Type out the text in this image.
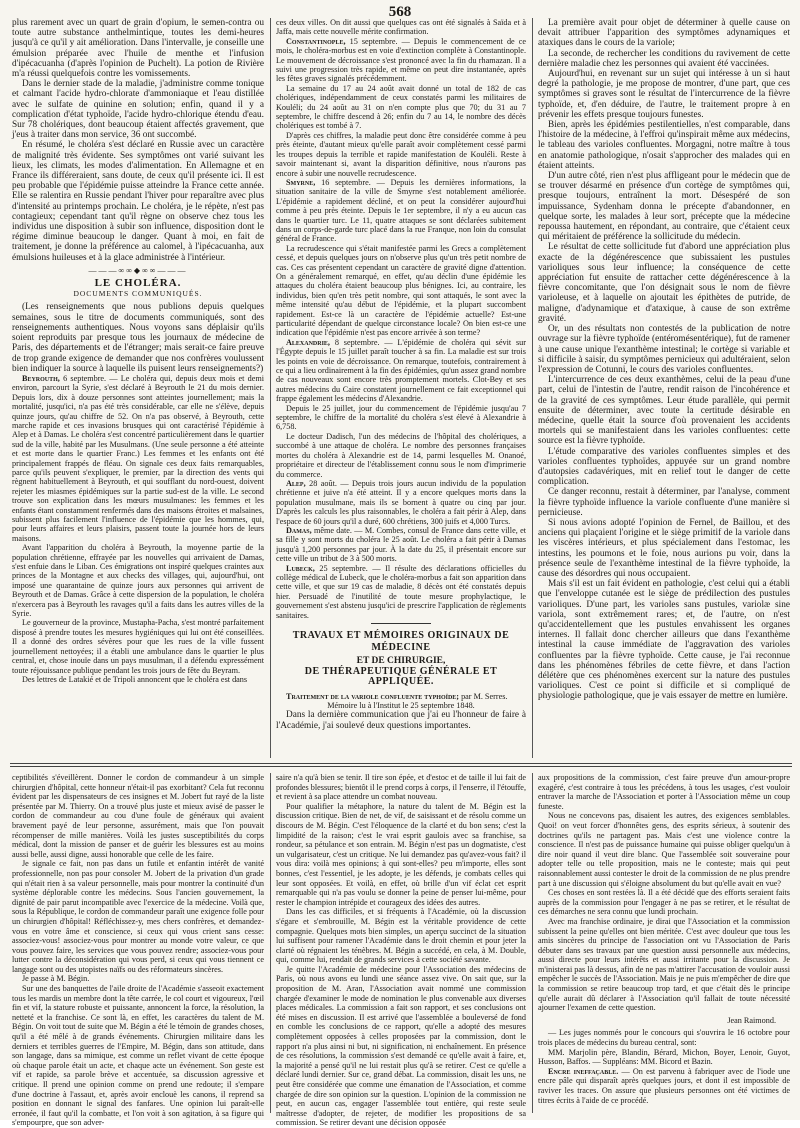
568

plus rarement avec un quart de grain d'opium, le semen-contra ou toute autre substance anthelmintique, toutes les demi-heures jusqu'à ce qu'il y ait amélioration. Dans l'intervalle, je conseille une émulsion préparée avec l'huile de menthe et l'infusion d'ipécacuanha (d'après l'opinion de Puchelt). La potion de Rivière m'a réussi quelquefois contre les vomissements.

Dans le dernier stade de la maladie, j'administre comme tonique et calmant l'acide hydro-chlorate d'ammoniaque et l'eau distillée avec le sulfate de quinine en solution; enfin, quand il y a complication d'état typhoïde, l'acide hydro-chlorique étendu d'eau. Sur 78 cholériques, dont beaucoup étaient affectés gravement, que j'eus à traiter dans mon service, 36 ont succombé.

En résumé, le choléra s'est déclaré en Russie avec un caractère de malignité très évidente. Ses symptômes ont varié suivant les lieux, les climats, les modes d'alimentation. En Allemagne et en France ils différeraient, sans doute, de ceux qu'il présente ici. Il est peu probable que l'épidémie puisse atteindre la France cette année. Elle se ralentira en Russie pendant l'hiver pour reparaître avec plus d'intensité au printemps prochain. Le choléra, je le répète, n'est pas contagieux; cependant tant qu'il règne on observe chez tous les individus une disposition à subir son influence, disposition dont le régime diminue beaucoup le danger. Quant à moi, en fait de traitement, je donne la préférence au calomel, à l'ipécacuanha, aux émulsions huileuses et à la glace administrée à l'intérieur.

———∞∞◆∞∞———
LE CHOLÉRA.
DOCUMENTS COMMUNIQUÉS.

(Les renseignements que nous publions depuis quelques semaines, sous le titre de documents communiqués, sont des renseignements authentiques. Nous voyons sans déplaisir qu'ils soient reproduits par presque tous les journaux de médecine de Paris, des départements et de l'étranger; mais serait-ce faire preuve de trop grande exigence de demander que nos confrères voulussent bien indiquer la source à laquelle ils puisent leurs renseignements?)

Beyrouth, 6 septembre. — Le choléra qui, depuis deux mois et demi environ, parcourt la Syrie, s'est déclaré à Beyrouth le 21 du mois dernier. Depuis lors, dix à douze personnes sont atteintes journellement; mais la mortalité, jusqu'ici, n'a pas été très considérable, car elle ne s'élève, depuis quinze jours, qu'au chiffre de 52. On n'a pas observé, à Beyrouth, cette marche rapide et ces invasions brusques qui ont caractérisé l'épidémie à Alep et à Damas. Le choléra s'est concentré particulièrement dans le quartier sud de la ville, habité par les Musulmans. (Une seule personne a été atteinte et est morte dans le quartier Franc.) Les femmes et les enfants ont été principalement frappés de fléau. On signale ces deux faits remarquables, parce qu'ils peuvent s'expliquer, le premier, par la direction des vents qui règnent habituellement à Beyrouth, et qui soufflant du nord-ouest, doivent rejeter les miasmes épidémiques sur la partie sud-est de la ville. Le second trouve son explication dans les mœurs musulmanes: les femmes et les enfants étant constamment renfermés dans des maisons étroites et malsaines, subissent plus facilement l'influence de l'épidémie que les hommes, qui, pour leurs affaires et leurs plaisirs, passent toute la journée hors de leurs maisons.

Avant l'apparition du choléra à Beyrouth, la moyenne partie de la population chrétienne, effrayée par les nouvelles qui arrivaient de Damas, s'est enfuie dans le Liban. Ces émigrations ont inspiré quelques craintes aux princes de la Montagne et aux checks des villages, qui, aujourd'hui, ont imposé une quarantaine de quinze jours aux personnes qui arrivent de Beyrouth et de Damas. Grâce à cette dispersion de la population, le choléra n'exercera pas à Beyrouth les ravages qu'il a faits dans les autres villes de la Syrie.

Le gouverneur de la province, Mustapha-Pacha, s'est montré parfaitement disposé à prendre toutes les mesures hygiéniques qui lui ont été conseillées. Il a donné des ordres sévères pour que les rues de la ville fussent journellement nettoyées; il a établi une ambulance dans le quartier le plus central, et, chose inouïe dans un pays musulman, il a défendu expressément toute réjouissance publique pendant les trois jours de fête du Beyram.

Des lettres de Latakié et de Tripoli annoncent que le choléra est dans

ces deux villes. On dit aussi que quelques cas ont été signalés à Saïda et à Jaffa, mais cette nouvelle mérite confirmation.

Constantinople, 15 septembre. — Depuis le commencement de ce mois, le choléra-morbus est en voie d'extinction complète à Constantinople. Le mouvement de décroissance s'est prononcé avec la fin du rhamazan. Il a suivi une progression très rapide, et même on peut dire instantanée, après les fêtes graves signalés précédemment.

La semaine du 17 au 24 août avait donné un total de 182 de cas cholériques, indépendamment de ceux constatés parmi les militaires de Kouléli; du 24 août au 31 on n'en compte plus que 70; du 31 au 7 septembre, le chiffre descend à 26; enfin du 7 au 14, le nombre des décès cholériques est tombé à 7.

D'après ces chiffres, la maladie peut donc être considérée comme à peu près éteinte, d'autant mieux qu'elle paraît avoir complètement cessé parmi les troupes depuis la terrible et rapide manifestation de Kouléli. Reste à savoir maintenant si, avant la disparition définitive, nous n'aurons pas encore à subir une nouvelle recrudescence.

Smyrne, 16 septembre. — Depuis les dernières informations, la situation sanitaire de la ville de Smyrne s'est notablement améliorée. L'épidémie a rapidement décliné, et on peut la considérer aujourd'hui comme à peu près éteinte. Depuis le 1er septembre, il n'y a eu aucun cas dans le quartier turc. Le 11, quatre attaques se sont déclarées subitement dans un corps-de-garde turc placé dans la rue Franque, non loin du consulat général de France.

La recrudescence qui s'était manifestée parmi les Grecs a complètement cessé, et depuis quelques jours on n'observe plus qu'un très petit nombre de cas. Ces cas présentent cependant un caractère de gravité digne d'attention. On a généralement remarqué, en effet, qu'au déclin d'une épidémie les attaques du choléra étaient beaucoup plus bénignes. Ici, au contraire, les individus, bien qu'en très petit nombre, qui sont attaqués, le sont avec la même intensité qu'au début de l'épidémie, et la plupart succombent rapidement. Est-ce là un caractère de l'épidémie actuelle? Est-une particularité dépendant de quelque circonstance locale? On bien est-ce une indication que l'épidémie n'est pas encore arrivée à son terme?

Alexandrie, 8 septembre. — L'épidémie de choléra qui sévit sur l'Égypte depuis le 15 juillet paraît toucher à sa fin. La maladie est sur trois les points en voie de décroissance. On remarque, toutefois, contrairement à ce qui a lieu ordinairement à la fin des épidémies, qu'un assez grand nombre de cas nouveaux sont encore très promptement mortels. Clot-Bey et ses autres médecins du Caire constatent journellement ce fait exceptionnel qui frappe également les médecins d'Alexandrie.

Depuis le 25 juillet, jour du commencement de l'épidémie jusqu'au 7 septembre, le chiffre de la mortalité du choléra s'est élevé à Alexandrie à 6,758.

Le docteur Dadisch, l'un des médecins de l'hôpital des cholériques, a succombé à une attaque de choléra. Le nombre des personnes françaises mortes du choléra à Alexandrie est de 14, parmi lesquelles M. Onanoé, propriétaire et directeur de l'établissement connu sous le nom d'imprimerie du commerce.

Alep, 28 août. — Depuis trois jours aucun individu de la population chrétienne et juive n'a été atteint. Il y a encore quelques morts dans la population musulmane, mais ils se bornent à quatre ou cinq par jour. D'après les calculs les plus raisonnables, le choléra a fait périr à Alep, dans l'espace de 60 jours qu'il a duré, 600 chrétiens, 300 juifs et 4,000 Turcs.

Damas, même date. — M. Combes, consul de France dans cette ville, et sa fille y sont morts du choléra le 25 août. Le choléra a fait périr à Damas jusqu'à 1,200 personnes par jour. À la date du 25, il présentait encore sur cette ville un tribut de 3 à 500 morts.

Lubeck, 25 septembre. — Il résulte des déclarations officielles du collège médical de Lubeck, que le choléra-morbus a fait son apparition dans cette ville, et que sur 19 cas de maladie, 8 décès ont été constatés depuis hier. Persuadé de l'inutilité de toute mesure prophylactique, le gouvernement s'est abstenu jusqu'ici de prescrire l'application de règlements sanitaires.

TRAVAUX ET MÉMOIRES ORIGINAUX DE MÉDECINE
ET DE CHIRURGIE,
DE THÉRAPEUTIQUE GÉNÉRALE ET APPLIQUÉE.

Traitement de la variole confluente typhoïde; par M. Serres.

Mémoire lu à l'Institut le 25 septembre 1848.

Dans la dernière communication que j'ai eu l'honneur de faire à l'Académie, j'ai soulevé deux questions importantes.

La première avait pour objet de déterminer à quelle cause on devait attribuer l'apparition des symptômes adynamiques et ataxiques dans le cours de la variole;

La seconde, de rechercher les conditions du ravivement de cette dernière maladie chez les personnes qui avaient été vaccinées.

Aujourd'hui, en revenant sur un sujet qui intéresse à un si haut degré la pathologie, je me propose de montrer, d'une part, que ces symptômes si graves sont le résultat de l'intercurrence de la fièvre typhoïde, et, d'en déduire, de l'autre, le traitement propre à en prévenir les effets presque toujours funestes.

Bien, après les épidémies pestilentielles, n'est comparable, dans l'histoire de la médecine, à l'effroi qu'inspirait même aux médecins, le tableau des varioles confluentes. Morgagni, notre maître à tous en anatomie pathologique, n'osait s'approcher des malades qui en étaient atteints.

D'un autre côté, rien n'est plus affligeant pour le médecin que de se trouver désarmé en présence d'un cortège de symptômes qui, presque toujours, entraînent la mort. Désespéré de son impuissance, Sydenham donna le précepte d'abandonner, en quelque sorte, les malades à leur sort, précepte que la médecine repoussa hautement, en répondant, au contraire, que c'étaient ceux qui méritaient de préférence la sollicitude du médecin.

Le résultat de cette sollicitude fut d'abord une appréciation plus exacte de la dégénérescence que subissaient les pustules varioliques sous leur influence; la conséquence de cette appréciation fut ensuite de rattacher cette dégénérescence à la fièvre concomitante, que l'on désignait sous le nom de fièvre varioleuse, et à laquelle on ajoutait les épithètes de putride, de maligne, d'adynamique et d'ataxique, à cause de son extrême gravité.

Or, un des résultats non contestés de la publication de notre ouvrage sur la fièvre typhoïde (entéromésentérique), fut de ramener à une cause unique l'exanthème intestinal; le cortège si variable et si difficile à saisir, du symptômes pernicieux qui adultéraient, selon l'expression de Cotunni, le cours des varioles confluentes.

L'intercurrence de ces deux exanthèmes, celui de la peau d'une part, celui de l'intestin de l'autre, rendit raison de l'incohérence et de la gravité de ces symptômes. Leur étude parallèle, qui permit ensuite de déterminer, avec toute la certitude désirable en médecine, quelle était la source d'où provenaient les accidents mortels qui se manifestaient dans les varioles confluentes: cette source est la fièvre typhoïde.

L'étude comparative des varioles confluentes simples et des varioles confluentes typhoïdes, appuyée sur un grand nombre d'autopsies cadavériques, mit en relief tout le danger de cette complication.

Ce danger reconnu, restait à déterminer, par l'analyse, comment la fièvre typhoïde influence la variole confluente d'une manière si pernicieuse.

Si nous avions adopté l'opinion de Fernel, de Baillou, et des anciens qui plaçaient l'origine et le siège primitif de la variole dans les viscères intérieurs, et plus spécialement dans l'estomac, les intestins, les poumons et le foie, nous aurions pu voir, dans la présence seule de l'exanthème intestinal de la fièvre typhoïde, la cause des désordres qui nous occupaient.

Mais s'il est un fait évident en pathologie, c'est celui qui a établi que l'enveloppe cutanée est le siège de prédilection des pustules varioliques. D'une part, les varioles sans pustules, variolæ sine variola, sont extrêmement rares; et, de l'autre, on n'est qu'accidentellement que les pustules envahissent les organes internes. Il fallait donc chercher ailleurs que dans l'exanthème intestinal la cause immédiate de l'aggravation des varioles confluentes par la fièvre typhoïde. Cette cause, je l'ai reconnue dans les phénomènes fébriles de cette fièvre, et dans l'action délétère que ces phénomènes exercent sur la nature des pustules varioliques. C'est ce point si difficile et si compliqué de physiologie pathologique, que je vais essayer de mettre en lumière.

ceptibilités s'éveillèrent. Donner le cordon de commandeur à un simple chirurgien d'hôpital, cette honneur n'était-il pas exorbitant? Cela fut reconnu évident par les dispensateurs de ces insignes et M. Jobert fut rayé de la liste présentée par M. Thierry. On a trouvé plus juste et mieux avisé de passer le cordon de commandeur au cou d'une foule de généraux qui avaient bravement payé de leur personne, assurément, mais que l'on pouvait récompenser de mille manières. Voilà les justes susceptibilités du corps médical, dont la mission de panser et de guérir les blessures est au moins aussi belle, aussi digne, aussi honorable que celle de les faire.

Je signale ce fait, non pas dans un futile et enfantin intérêt de vanité professionnelle, non pas pour consoler M. Jobert de la privation d'un grade qui n'était rien à sa valeur personnelle, mais pour montrer la continuité d'un système déplorable contre les médecins. Sous l'ancien gouvernement, la dignité de pair parut incompatible avec l'exercice de la médecine. Voilà que, sous la République, le cordon de commandeur paraît une exigence folle pour un chirurgien d'hôpital! Réfléchissez-y, mes chers confrères, et demandez-vous en votre âme et conscience, si ceux qui vous crient sans cesse: associez-vous! associez-vous pour montrer au monde votre valeur, ce que vous pouvez faire, les services que vous pouvez rendre; associez-vous pour lutter contre la déconsidération qui vous perd, si ceux qui vous tiennent ce langage sont ou des utopistes naïfs ou des réformateurs sincères.

Je passe à M. Bégin.

Sur une des banquettes de l'aile droite de l'Académie s'asseoit exactement tous les mardis un membre dont la tête carrée, le col court et vigoureux, l'œil fin et vif, la stature robuste et puissante, annoncent la force, la résolution, la netteté et la franchise. Ce sont là, en effet, les caractères du talent de M. Bégin. On voit tout de suite que M. Bégin a été le témoin de grandes choses, qu'il a été mêlé à de grands événements. Chirurgien militaire dans les derniers et terribles guerres de l'Empire, M. Bégin, dans son attitude, dans son langage, dans sa mimique, est comme un reflet vivant de cette époque où chaque parole était un acte, et chaque acte un événement. Son geste est vif et rapide, sa parole brève et accentuée, sa discussion agressive et critique. Il prend une opinion comme on prend une redoute; il s'empare d'une doctrine à l'assaut, et, après avoir enclouè les canons, il reprend sa position en donnant le signal des fanfares. Une opinion lui paraît-elle erronée, il faut qu'il la combatte, et l'on voit à son agitation, à sa figure qui s'empourpre, que son adver-

saire n'a qu'à bien se tenir. Il tire son épée, et d'estoc et de taille il lui fait de profondes blessures; bientôt il le prend corps à corps, il l'enserre, il l'étouffe, et revient à sa place attendre un combat nouveau.

Pour qualifier la métaphore, la nature du talent de M. Bégin est la discussion critique. Bien de net, de vif, de saisissant et de résolu comme un discours de M. Bégin. C'est l'éloquence de la clarté et du bon sens; c'est la limpidité de la raison; c'est le vrai esprit gaulois avec sa franchise, sa rondeur, sa pétulance et son entrain. M. Bégin n'est pas un dogmatiste, c'est un vulgarisateur, c'est un critique. Ne lui demandez pas qu'avez-vous fait? il vous dira: voilà mes opinions; à qui sont-elles? peu m'importe, elles sont bonnes, c'est l'essentiel, je les adopte, je les défends, je combats celles qui leur sont opposées. Et voilà, en effet, où brille d'un vif éclat cet esprit remarquable qui n'a pas voulu se donner la peine de penser lui-même, pour rester le champion intrépide et courageux des idées des autres.

Dans les cas difficiles, et si fréquents à l'Académie, où la discussion s'égare et s'embrouille, M. Bégin est la véritable providence de cette compagnie. Quelques mots bien simples, un aperçu succinct de la situation lui suffisent pour ramener l'Académie dans le droit chemin et pour jeter la clarté où régnaient les ténèbres. M. Bégin a succédé, en cela, à M. Double, qui, comme lui, rendait de grands services à cette société savante.

Je quitte l'Académie de médecine pour l'Association des médecins de Paris, où nous avons eu lundi une séance assez vive. On sait que, sur la proposition de M. Aran, l'Association avait nommé une commission chargée d'examiner le mode de nomination le plus convenable aux diverses places médicales. La commission a fait son rapport, et ses conclusions ont été mises en discussion. Il est arrivé que l'assemblée a bouleversé de fond en comble les conclusions de ce rapport, qu'elle a adopté des mesures complètement opposées à celles proposées par la commission, dont le rapport n'a plus ainsi ni but, ni signification, ni enchaînement. En présence de ces résolutions, la commission s'est demandé ce qu'elle avait à faire, et, la majorité a pensé qu'il ne lui restait plus qu'à se retirer. C'est ce qu'elle a déclaré lundi dernier. Sur ce, grand débat. La commission, disait les uns, ne peut être considérée que comme une émanation de l'Association, et comme chargée de dire son opinion sur la question. L'opinion de la commission ne peut, en aucun cas, engager l'assemblée tout entière, qui reste seule maîtresse d'adopter, de rejeter, de modifier les propositions de sa commission. Se retirer devant une décision opposée

aux propositions de la commission, c'est faire preuve d'un amour-propre exagéré, c'est contraire à tous les précédens, à tous les usages, c'est vouloir entraver la marche de l'Association et porter à l'Association même un coup funeste.

Nous ne concevons pas, disaient les autres, des exigences semblables. Quoi! on veut forcer d'honnêtes gens, des esprits sérieux, à soutenir des doctrines qu'ils ne partagent pas. Mais c'est une violence contre la conscience. Il n'est pas de puissance humaine qui puisse obliger quelqu'un à dire noir quand il veut dire blanc. Que l'assemblée soit souveraine pour adopter telle ou telle proposition, mais ne le conteste; mais qui peut raisonnablement aussi contester le droit de la commission de ne plus prendre part à une discussion qui s'éloigne absolument du but qu'elle avait en vue?

Ces choses en sont restées là. Il a été décidé que des efforts seraient faits auprès de la commission pour l'engager à ne pas se retirer, et le résultat de ces démarches ne sera connu que lundi prochain.

Avec ma franchise ordinaire, je dirai que l'Association et la commission subissent la peine qu'elles ont bien méritée. C'est avec douleur que tous les amis sincères du principe de l'association ont vu l'Association de Paris débuter dans ses travaux par une question aussi personnelle aux médecins, aussi directe pour leurs intérêts et aussi irritante pour la discussion. Je m'inisterai pas là dessus, afin de ne pas m'attirer l'accusation de vouloir aussi empêcher le succès de l'Association. Mais je ne puis m'empêcher de dire que la commission se retire beaucoup trop tard, et que c'était dès le principe qu'elle aurait dû déclarer à l'Association qu'il fallait de toute nécessité ajourner l'examen de cette question.

Jean Raimond.

— Les juges nommés pour le concours qui s'ouvrira le 16 octobre pour trois places de médecins du bureau central, sont:

MM. Marjolin père, Blandin, Bérard, Michon, Boyer, Lenoir, Guyot, Husson, Baffos. — Suppléans: MM. Bicord et Bazin.

Encre ineffaçable. — On est parvenu à fabriquer avec de l'iode une encre pâle qui disparaît après quelques jours, et dont il est impossible de raviver les traces. On assure que plusieurs personnes ont été victimes de titres écrits à l'aide de ce procédé.
